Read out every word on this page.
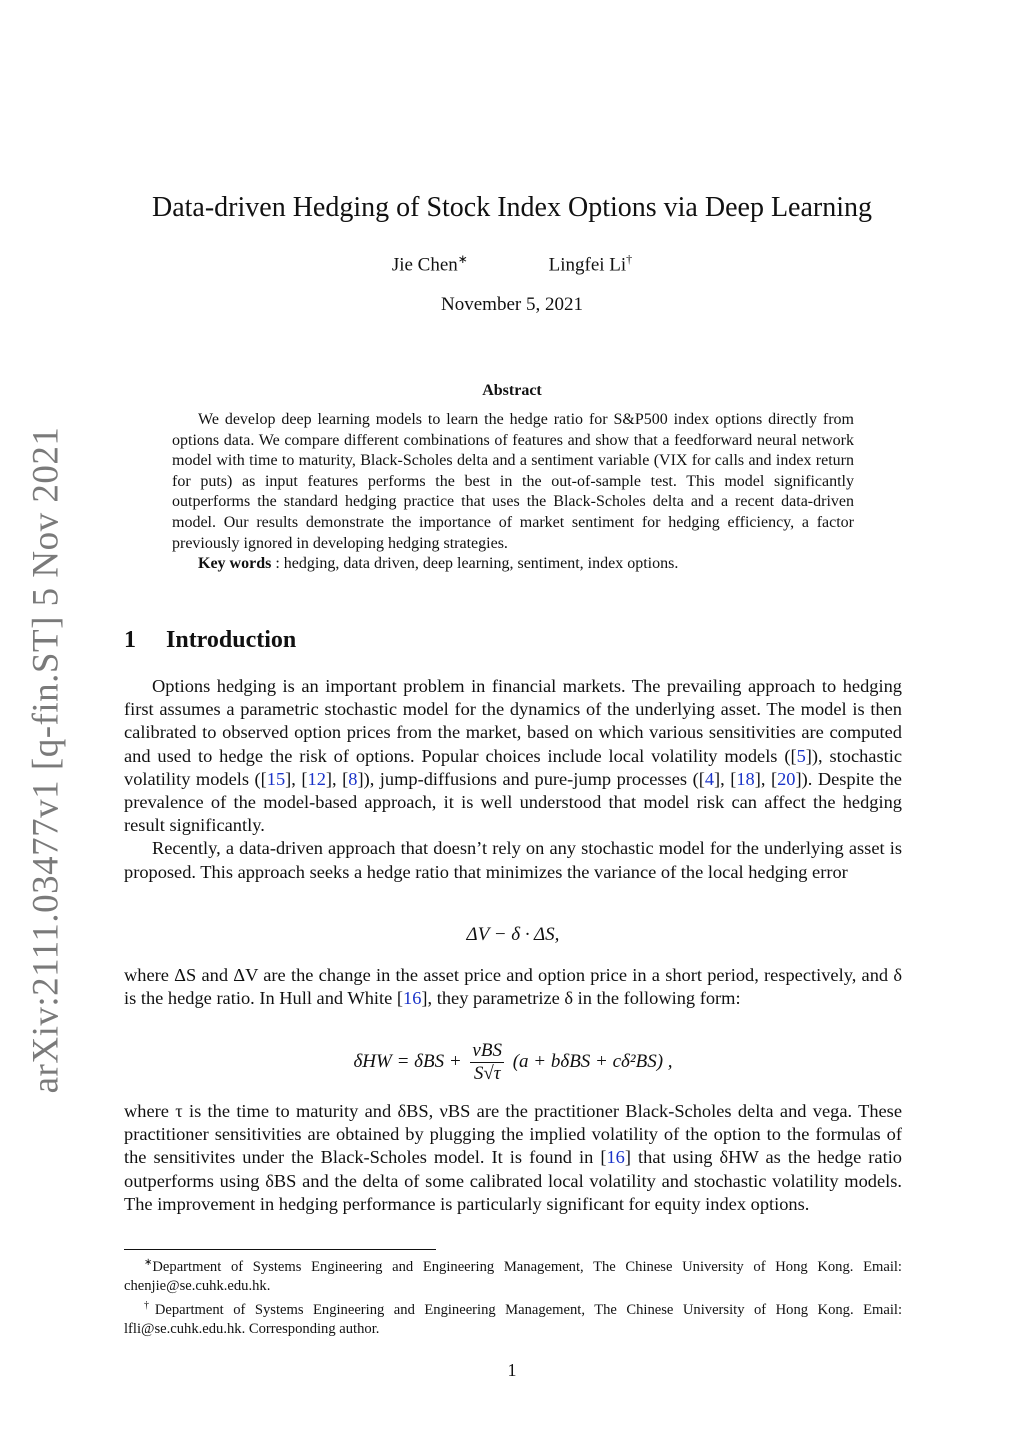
arXiv:2111.03477v1 [q-fin.ST] 5 Nov 2021
Data-driven Hedging of Stock Index Options via Deep Learning
Jie Chen∗	Lingfei Li†
November 5, 2021
Abstract

We develop deep learning models to learn the hedge ratio for S&P500 index options directly from options data. We compare different combinations of features and show that a feedforward neural network model with time to maturity, Black-Scholes delta and a sentiment variable (VIX for calls and index return for puts) as input features performs the best in the out-of-sample test. This model significantly outperforms the standard hedging practice that uses the Black-Scholes delta and a recent data-driven model. Our results demonstrate the importance of market sentiment for hedging efficiency, a factor previously ignored in developing hedging strategies.

Key words : hedging, data driven, deep learning, sentiment, index options.

1 Introduction

Options hedging is an important problem in financial markets. The prevailing approach to hedging first assumes a parametric stochastic model for the dynamics of the underlying asset. The model is then calibrated to observed option prices from the market, based on which various sensitivities are computed and used to hedge the risk of options. Popular choices include local volatility models ([5]), stochastic volatility models ([15], [12], [8]), jump-diffusions and pure-jump processes ([4], [18], [20]). Despite the prevalence of the model-based approach, it is well understood that model risk can affect the hedging result significantly.

Recently, a data-driven approach that doesn’t rely on any stochastic model for the underlying asset is proposed. This approach seeks a hedge ratio that minimizes the variance of the local hedging error

ΔV − δ · ΔS,

where ΔS and ΔV are the change in the asset price and option price in a short period, respectively, and δ is the hedge ratio. In Hull and White [16], they parametrize δ in the following form:

$\delta HW = \delta BS + \frac{\text{νBS}}{S√\tau} (a + b\delta BS + c\delta^2BS)$ ,

where τ is the time to maturity and δBS, νBS are the practitioner Black-Scholes delta and vega. These practitioner sensitivities are obtained by plugging the implied volatility of the option to the formulas of the sensitivites under the Black-Scholes model. It is found in [16] that using δHW as the hedge ratio outperforms using δBS and the delta of some calibrated local volatility and stochastic volatility models. The improvement in hedging performance is particularly significant for equity index options.

∗Department of Systems Engineering and Engineering Management, The Chinese University of Hong Kong. Email: chenjie@se.cuhk.edu.hk.

†Department of Systems Engineering and Engineering Management, The Chinese University of Hong Kong. Email: lfli@se.cuhk.edu.hk. Corresponding author.

1
